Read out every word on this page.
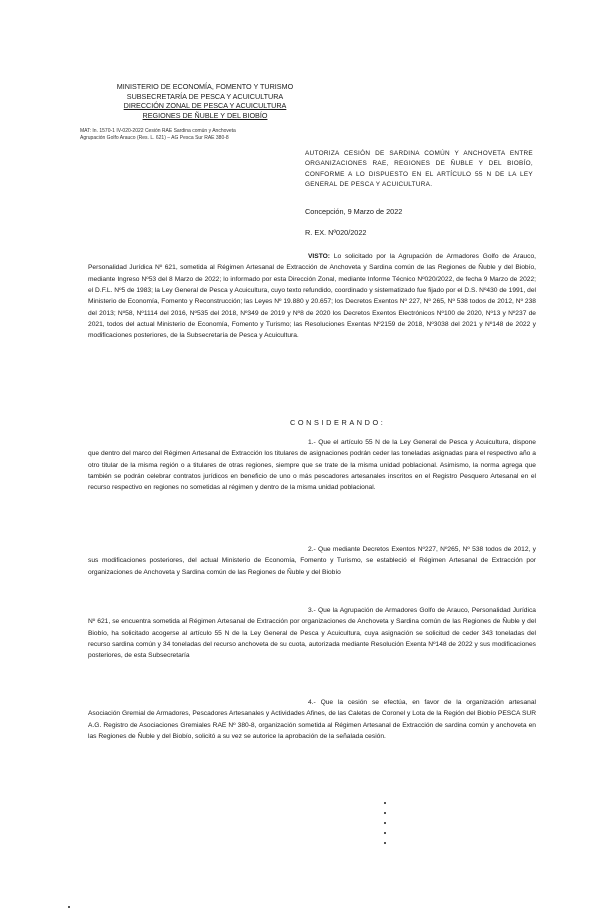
MINISTERIO DE ECONOMÍA, FOMENTO Y TURISMO
SUBSECRETARÍA DE PESCA Y ACUICULTURA
DIRECCIÓN ZONAL DE PESCA Y ACUICULTURA
REGIONES DE ÑUBLE Y DEL BIOBÍO
MAT: In. 1570-1 IV-020-2022 Cesión RAE Sardina común y Anchoveta
Agrupación Golfo Arauco (Res. L. 621) – AG Pesca Sur RAE 380-8
AUTORIZA CESIÓN DE SARDINA COMÚN Y ANCHOVETA ENTRE ORGANIZACIONES RAE, REGIONES DE ÑUBLE Y DEL BIOBÍO, CONFORME A LO DISPUESTO EN EL ARTÍCULO 55 N DE LA LEY GENERAL DE PESCA Y ACUICULTURA.
Concepción, 9 Marzo de 2022
R. EX. Nº020/2022
VISTO: Lo solicitado por la Agrupación de Armadores Golfo de Arauco, Personalidad Jurídica Nº 621, sometida al Régimen Artesanal de Extracción de Anchoveta y Sardina común de las Regiones de Ñuble y del Biobío, mediante Ingreso Nº53 del 8 Marzo de 2022; lo informado por esta Dirección Zonal, mediante Informe Técnico Nº020/2022, de fecha 9 Marzo de 2022; el D.F.L. Nº5 de 1983; la Ley General de Pesca y Acuicultura, cuyo texto refundido, coordinado y sistematizado fue fijado por el D.S. Nº430 de 1991, del Ministerio de Economía, Fomento y Reconstrucción; las Leyes Nº 19.880 y 20.657; los Decretos Exentos Nº 227, Nº 265, Nº 538 todos de 2012, Nº 238 del 2013; Nº58, Nº1114 del 2016, Nº535 del 2018, Nº349 de 2019 y Nº8 de 2020 los Decretos Exentos Electrónicos Nº100 de 2020, Nº13 y Nº237 de 2021, todos del actual Ministerio de Economía, Fomento y Turismo; las Resoluciones Exentas Nº2159 de 2018, Nº3038 del 2021 y Nº148 de 2022 y modificaciones posteriores, de la Subsecretaría de Pesca y Acuicultura.
CONSIDERANDO:
1.- Que el artículo 55 N de la Ley General de Pesca y Acuicultura, dispone que dentro del marco del Régimen Artesanal de Extracción los titulares de asignaciones podrán ceder las toneladas asignadas para el respectivo año a otro titular de la misma región o a titulares de otras regiones, siempre que se trate de la misma unidad poblacional. Asimismo, la norma agrega que también se podrán celebrar contratos jurídicos en beneficio de uno o más pescadores artesanales inscritos en el Registro Pesquero Artesanal en el recurso respectivo en regiones no sometidas al régimen y dentro de la misma unidad poblacional.
2.- Que mediante Decretos Exentos Nº227, Nº265, Nº 538 todos de 2012, y sus modificaciones posteriores, del actual Ministerio de Economía, Fomento y Turismo, se estableció el Régimen Artesanal de Extracción por organizaciones de Anchoveta y Sardina común de las Regiones de Ñuble y del Biobío
3.- Que la Agrupación de Armadores Golfo de Arauco, Personalidad Jurídica Nº 621, se encuentra sometida al Régimen Artesanal de Extracción por organizaciones de Anchoveta y Sardina común de las Regiones de Ñuble y del Biobío, ha solicitado acogerse al artículo 55 N de la Ley General de Pesca y Acuicultura, cuya asignación se solicitud de ceder 343 toneladas del recurso sardina común y 34 toneladas del recurso anchoveta de su cuota, autorizada mediante Resolución Exenta Nº148 de 2022 y sus modificaciones posteriores, de esta Subsecretaría
4.- Que la cesión se efectúa, en favor de la organización artesanal Asociación Gremial de Armadores, Pescadores Artesanales y Actividades Afines, de las Caletas de Coronel y Lota de la Región del Biobío PESCA SUR A.G. Registro de Asociaciones Gremiales RAE Nº 380-8, organización sometida al Régimen Artesanal de Extracción de sardina común y anchoveta en las Regiones de Ñuble y del Biobío, solicitó a su vez se autorice la aprobación de la señalada cesión.
